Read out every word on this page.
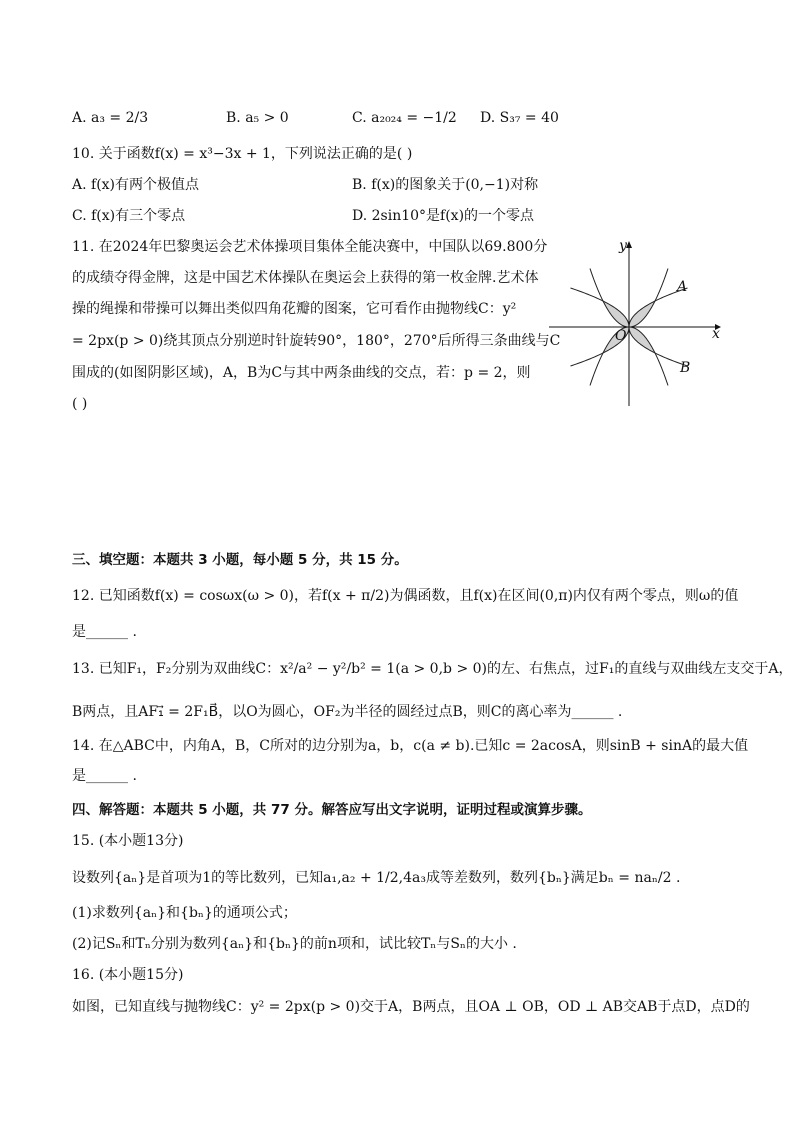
A. a₃ = 2/3	B. a₅ > 0	C. a₂₀₂₄ = −1/2 D. S₃₇ = 40
10. 关于函数f(x) = x³−3x + 1，下列说法正确的是( )
A. f(x)有两个极值点	B. f(x)的图象关于(0,−1)对称
C. f(x)有三个零点	D. 2sin10°是f(x)的一个零点
11. 在2024年巴黎奥运会艺术体操项目集体全能决赛中，中国队以69.800分
的成绩夺得金牌，这是中国艺术体操队在奥运会上获得的第一枚金牌.艺术体
操的绳操和带操可以舞出类似四角花瓣的图案，它可看作由抛物线C：y²
= 2px(p > 0)绕其顶点分别逆时针旋转90°，180°，270°后所得三条曲线与C
围成的(如图阴影区域)，A，B为C与其中两条曲线的交点，若：p = 2，则
( )
y
x
O
A
B
三、填空题：本题共 3 小题，每小题 5 分，共 15 分。
12. 已知函数f(x) = cosωx(ω > 0)，若f(x + π/2)为偶函数，且f(x)在区间(0,π)内仅有两个零点，则ω的值
是______ .
13. 已知F₁，F₂分别为双曲线C：x²/a² − y²/b² = 1(a > 0,b > 0)的左、右焦点，过F₁的直线与双曲线左支交于A，
B两点，且AF₁⃗ = 2F₁B⃗，以O为圆心，OF₂为半径的圆经过点B，则C的离心率为______ .
14. 在△ABC中，内角A，B，C所对的边分别为a，b，c(a ≠ b).已知c = 2acosA，则sinB + sinA的最大值
是______ .
四、解答题：本题共 5 小题，共 77 分。解答应写出文字说明，证明过程或演算步骤。
15. (本小题13分)
设数列{aₙ}是首项为1的等比数列，已知a₁,a₂ + 1/2,4a₃成等差数列，数列{bₙ}满足bₙ = naₙ/2 .
(1)求数列{aₙ}和{bₙ}的通项公式；
(2)记Sₙ和Tₙ分别为数列{aₙ}和{bₙ}的前n项和，试比较Tₙ与Sₙ的大小 .
16. (本小题15分)
如图，已知直线与抛物线C：y² = 2px(p > 0)交于A，B两点，且OA ⊥ OB，OD ⊥ AB交AB于点D，点D的
